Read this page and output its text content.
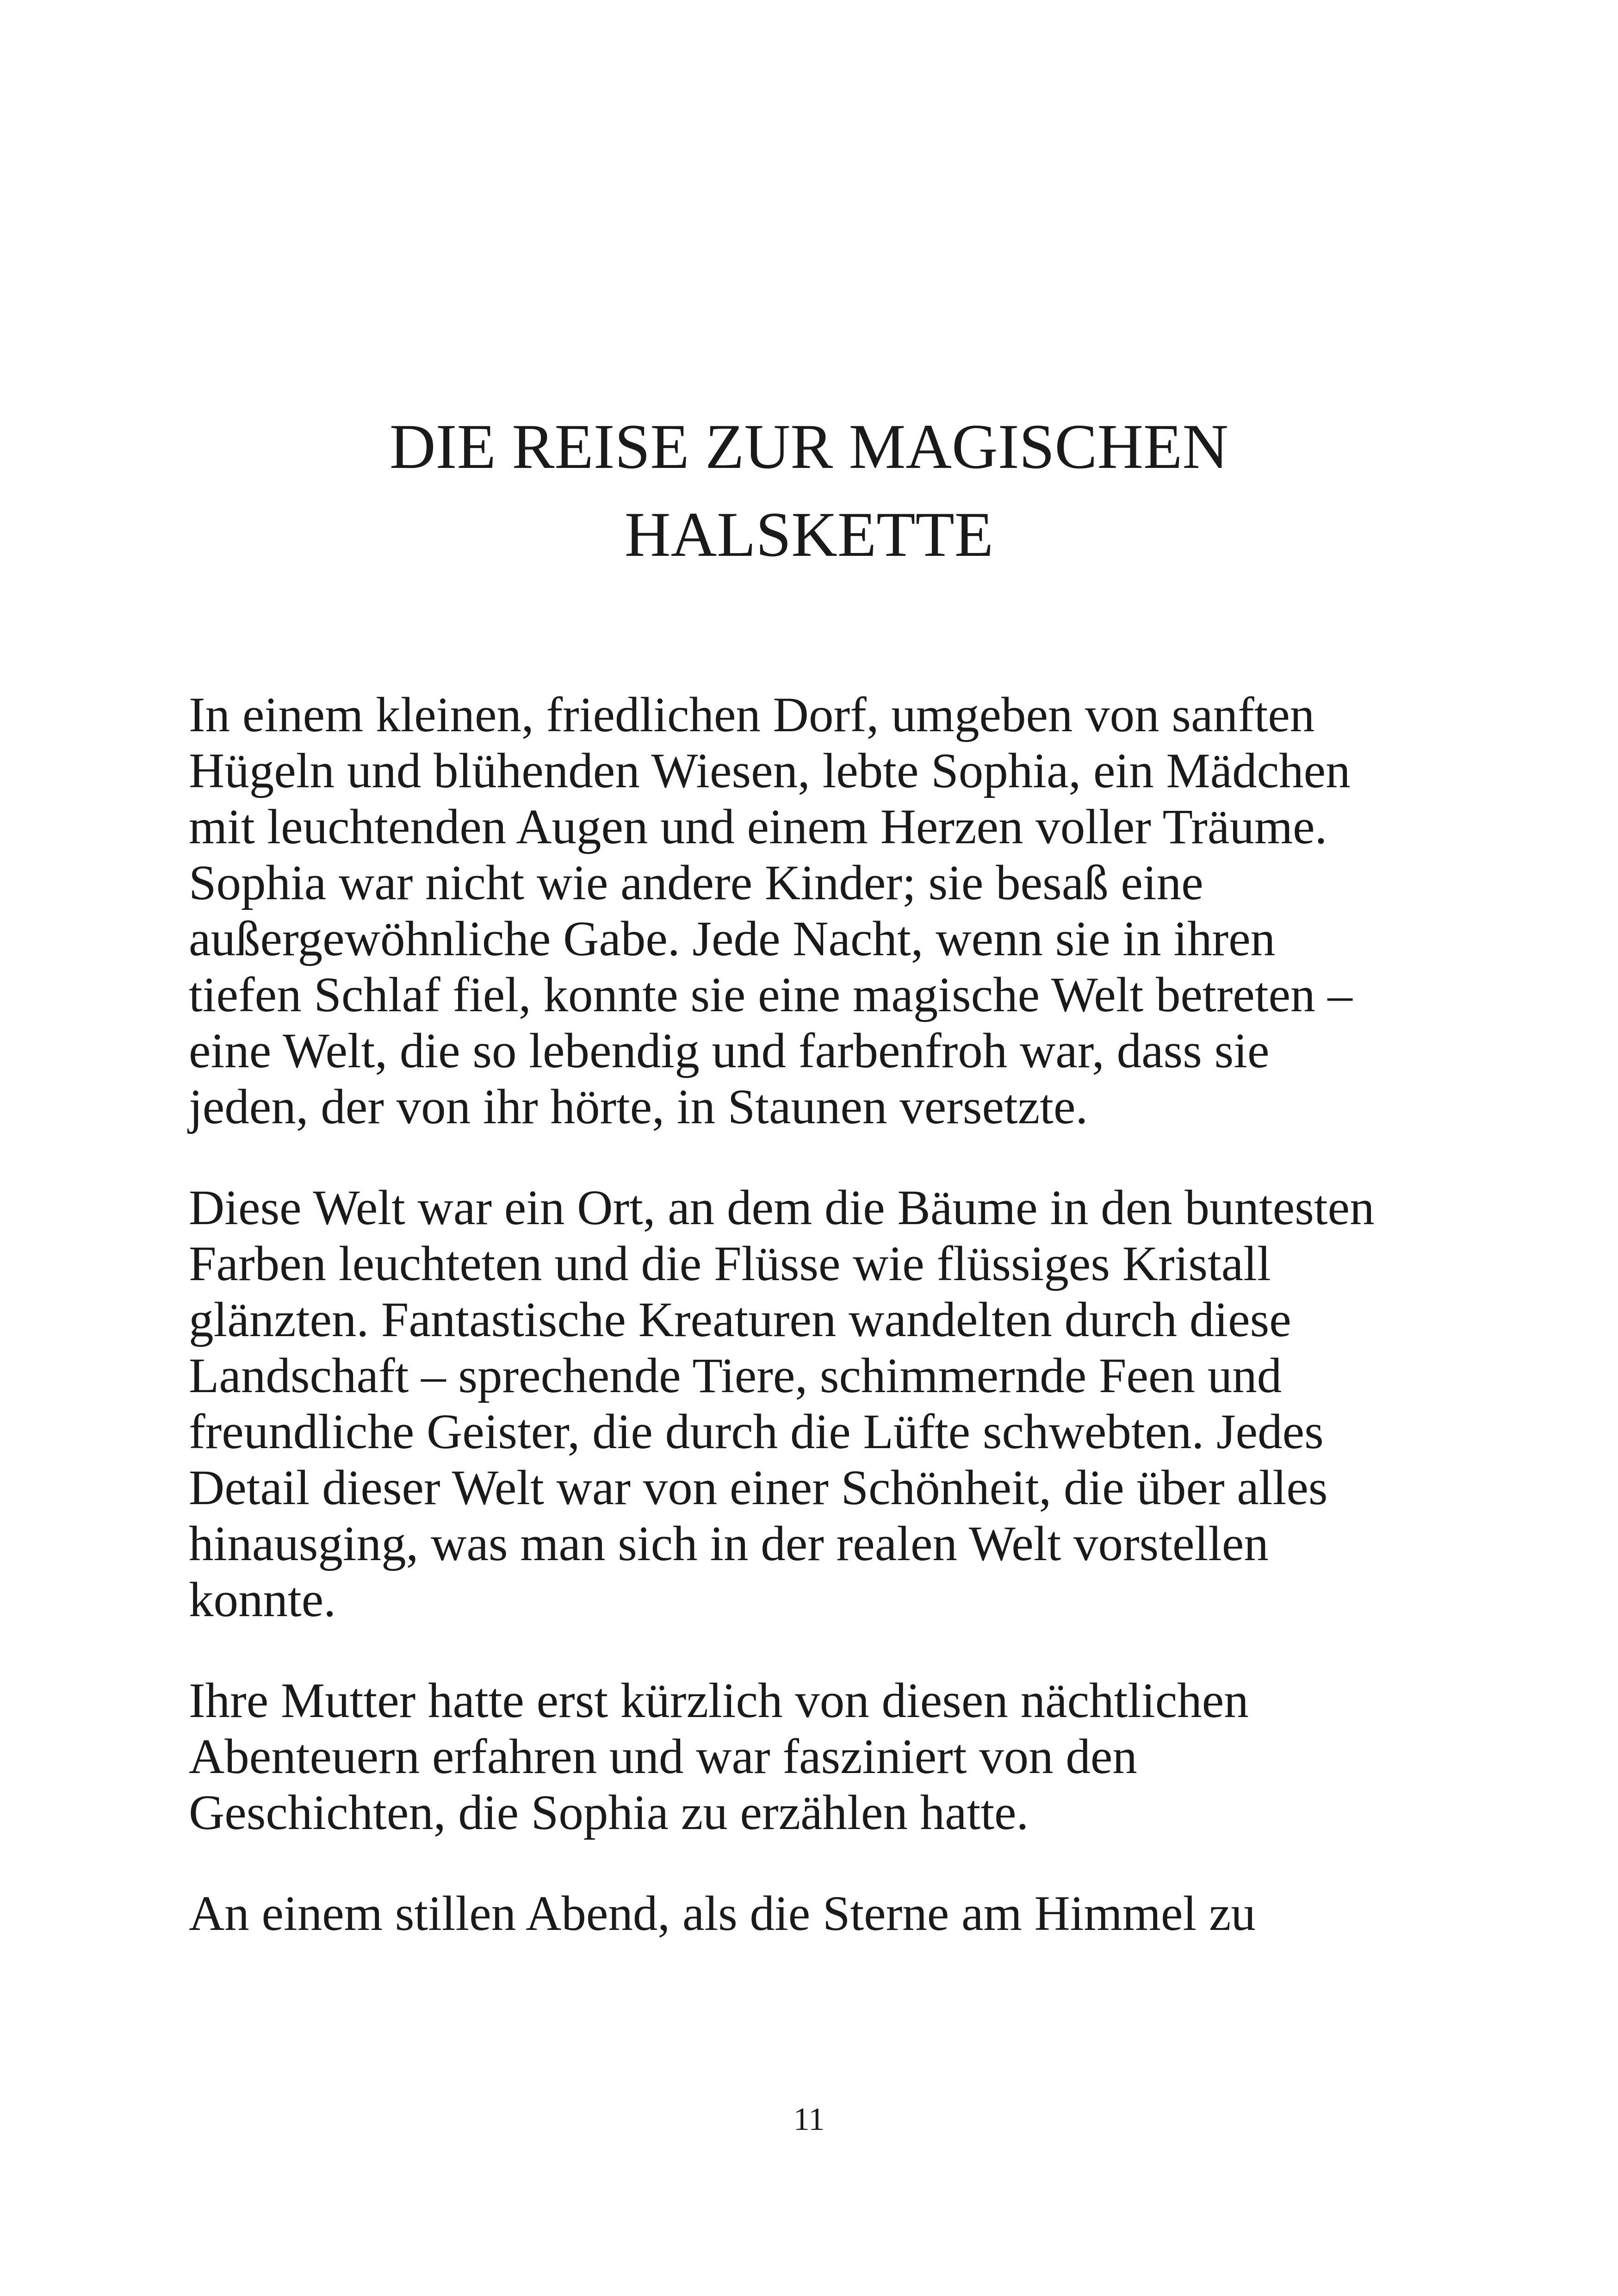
DIE REISE ZUR MAGISCHEN
HALSKETTE

In einem kleinen, friedlichen Dorf, umgeben von sanften
Hügeln und blühenden Wiesen, lebte Sophia, ein Mädchen
mit leuchtenden Augen und einem Herzen voller Träume.
Sophia war nicht wie andere Kinder; sie besaß eine
außergewöhnliche Gabe. Jede Nacht, wenn sie in ihren
tiefen Schlaf fiel, konnte sie eine magische Welt betreten –
eine Welt, die so lebendig und farbenfroh war, dass sie
jeden, der von ihr hörte, in Staunen versetzte.

Diese Welt war ein Ort, an dem die Bäume in den buntesten
Farben leuchteten und die Flüsse wie flüssiges Kristall
glänzten. Fantastische Kreaturen wandelten durch diese
Landschaft – sprechende Tiere, schimmernde Feen und
freundliche Geister, die durch die Lüfte schwebten. Jedes
Detail dieser Welt war von einer Schönheit, die über alles
hinausging, was man sich in der realen Welt vorstellen
konnte.

Ihre Mutter hatte erst kürzlich von diesen nächtlichen
Abenteuern erfahren und war fasziniert von den
Geschichten, die Sophia zu erzählen hatte.

An einem stillen Abend, als die Sterne am Himmel zu

11
